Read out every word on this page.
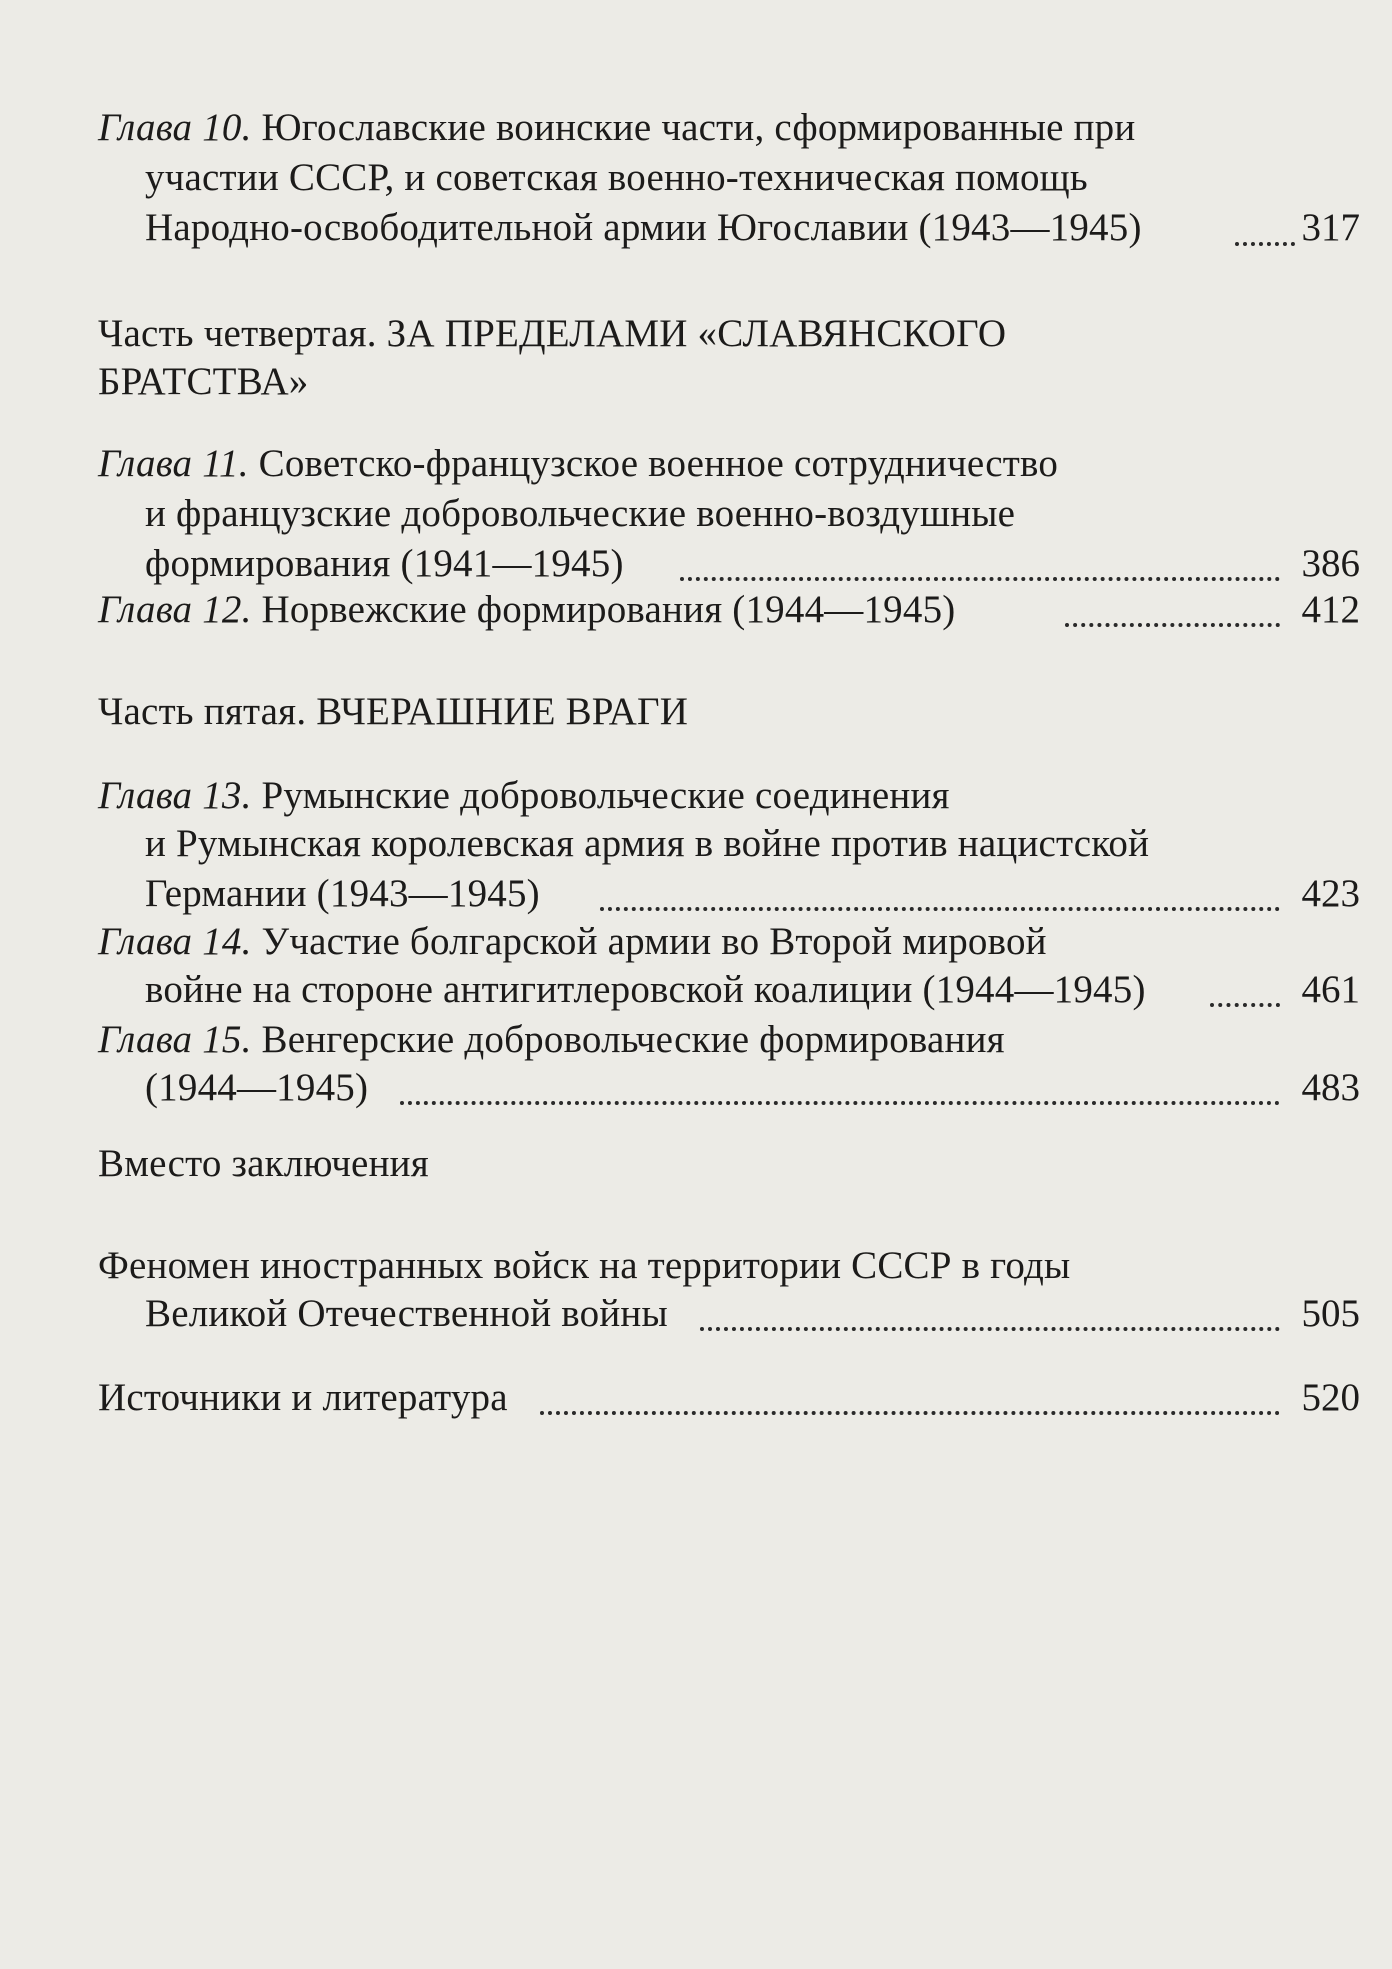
Глава 10. Югославские воинские части, сформированные при
участии СССР, и советская военно-техническая помощь
Народно-освободительной армии Югославии (1943—1945)	317
Часть четвертая. ЗА ПРЕДЕЛАМИ «СЛАВЯНСКОГО
БРАТСТВА»
Глава 11. Советско-французское военное сотрудничество
и французские добровольческие военно-воздушные
формирования (1941—1945)	386
Глава 12. Норвежские формирования (1944—1945)	412
Часть пятая. ВЧЕРАШНИЕ ВРАГИ
Глава 13. Румынские добровольческие соединения
и Румынская королевская армия в войне против нацистской
Германии (1943—1945)	423
Глава 14. Участие болгарской армии во Второй мировой
войне на стороне антигитлеровской коалиции (1944—1945)	461
Глава 15. Венгерские добровольческие формирования
(1944—1945)	483
Вместо заключения
Феномен иностранных войск на территории СССР в годы
Великой Отечественной войны	505
Источники и литература	520
